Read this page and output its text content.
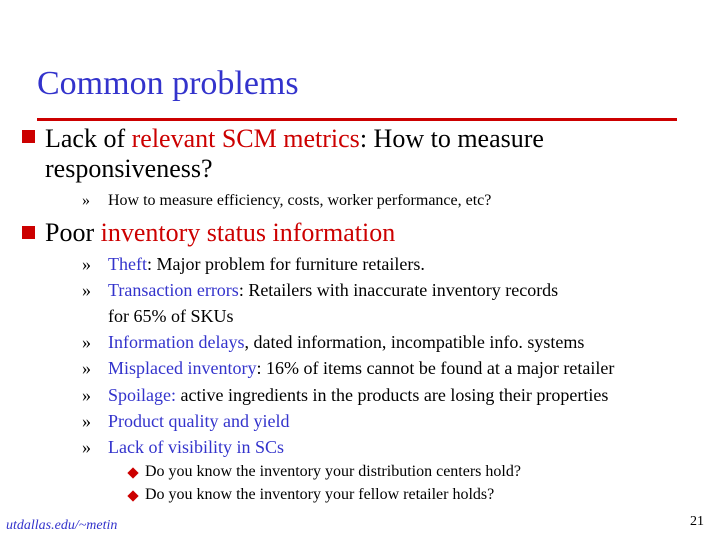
Common problems
Lack of relevant SCM metrics: How to measure
responsiveness?
» How to measure efficiency, costs, worker performance, etc?
Poor inventory status information
» Theft: Major problem for furniture retailers.
» Transaction errors: Retailers with inaccurate inventory records
for 65% of SKUs
» Information delays, dated information, incompatible info. systems
» Misplaced inventory: 16% of items cannot be found at a major retailer
» Spoilage: active ingredients in the products are losing their properties
» Product quality and yield
» Lack of visibility in SCs
Do you know the inventory your distribution centers hold?
Do you know the inventory your fellow retailer holds?
utdallas.edu/~metin	21
